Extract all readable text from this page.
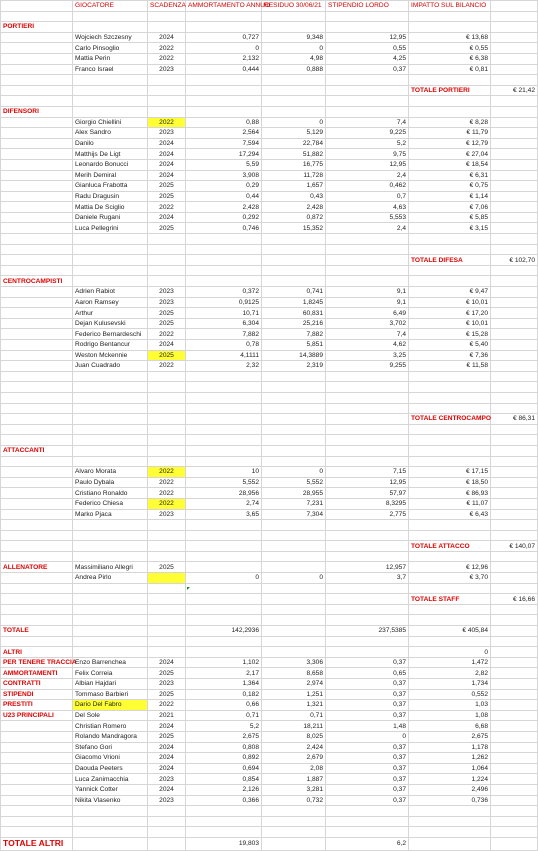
	GIOCATORE	SCADENZA	AMMORTAMENTO ANNUO	RESIDUO 30/06/21	STIPENDIO LORDO	IMPATTO SUL BILANCIO	

PORTIERI							
	Wojciech Szczesny	2024	0,727	9,348	12,95	€ 13,68	
	Carlo Pinsoglio	2022	0	0	0,55	€ 0,55	
	Mattia Perin	2022	2,132	4,98	4,25	€ 6,38	
	Franco Israel	2023	0,444	0,888	0,37	€ 0,81	

						TOTALE PORTIERI	€ 21,42

DIFENSORI							
	Giorgio Chiellini	2022	0,88	0	7,4	€ 8,28	
	Alex Sandro	2023	2,564	5,129	9,225	€ 11,79	
	Danilo	2024	7,594	22,784	5,2	€ 12,79	
	Matthijs De Ligt	2024	17,294	51,882	9,75	€ 27,04	
	Leonardo Bonucci	2024	5,59	16,775	12,95	€ 18,54	
	Merih Demiral	2024	3,908	11,728	2,4	€ 6,31	
	Gianluca Frabotta	2025	0,29	1,657	0,462	€ 0,75	
	Radu Dragusin	2025	0,44	0,43	0,7	€ 1,14	
	Mattia De Sciglio	2022	2,428	2,428	4,63	€ 7,06	
	Daniele Rugani	2024	0,292	0,872	5,553	€ 5,85	
	Luca Pellegrini	2025	0,746	15,352	2,4	€ 3,15	

						TOTALE DIFESA	€ 102,70

CENTROCAMPISTI							
	Adrien Rabiot	2023	0,372	0,741	9,1	€ 9,47	
	Aaron Ramsey	2023	0,9125	1,8245	9,1	€ 10,01	
	Arthur	2025	10,71	60,831	6,49	€ 17,20	
	Dejan Kulusevski	2025	6,304	25,216	3,702	€ 10,01	
	Federico Bernardeschi	2022	7,882	7,882	7,4	€ 15,28	
	Rodrigo Bentancur	2024	0,78	5,851	4,62	€ 5,40	
	Weston Mckennie	2025	4,1111	14,3889	3,25	€ 7,36	
	Juan Cuadrado	2022	2,32	2,319	9,255	€ 11,58	

						TOTALE CENTROCAMPO	€ 86,31

ATTACCANTI							

	Alvaro Morata	2022	10	0	7,15	€ 17,15	
	Paulo Dybala	2022	5,552	5,552	12,95	€ 18,50	
	Cristiano Ronaldo	2022	28,956	28,955	57,97	€ 86,93	
	Federico Chiesa	2022	2,74	7,231	8,3295	€ 11,07	
	Marko Pjaca	2023	3,65	7,304	2,775	€ 6,43	

						TOTALE ATTACCO	€ 140,07

ALLENATORE	Massimiliano Allegri	2025			12,957	€ 12,96	
	Andrea Pirlo		0	0	3,7	€ 3,70	

						TOTALE STAFF	€ 16,66

TOTALE			142,2936		237,5385	€ 405,84	

ALTRI						0	
PER TENERE TRACCIA	Enzo Barrenchea	2024	1,102	3,306	0,37	1,472	
AMMORTAMENTI	Felix Correia	2025	2,17	8,658	0,65	2,82	
CONTRATTI	Albian Hajdari	2023	1,364	2,974	0,37	1,734	
STIPENDI	Tommaso Barbieri	2025	0,182	1,251	0,37	0,552	
PRESTITI	Dario Del Fabro	2022	0,66	1,321	0,37	1,03	
U23 PRINCIPALI	Del Sole	2021	0,71	0,71	0,37	1,08	
	Christian Romero	2024	5,2	18,211	1,48	6,68	
	Rolando Mandragora	2025	2,675	8,025	0	2,675	
	Stefano Gori	2024	0,808	2,424	0,37	1,178	
	Giacomo Vrioni	2024	0,892	2,679	0,37	1,262	
	Daouda Peeters	2024	0,694	2,08	0,37	1,064	
	Luca Zanimacchia	2023	0,854	1,887	0,37	1,224	
	Yannick Cotter	2024	2,126	3,281	0,37	2,496	
	Nikita Vlasenko	2023	0,366	0,732	0,37	0,736	

TOTALE ALTRI			19,803		6,2		
